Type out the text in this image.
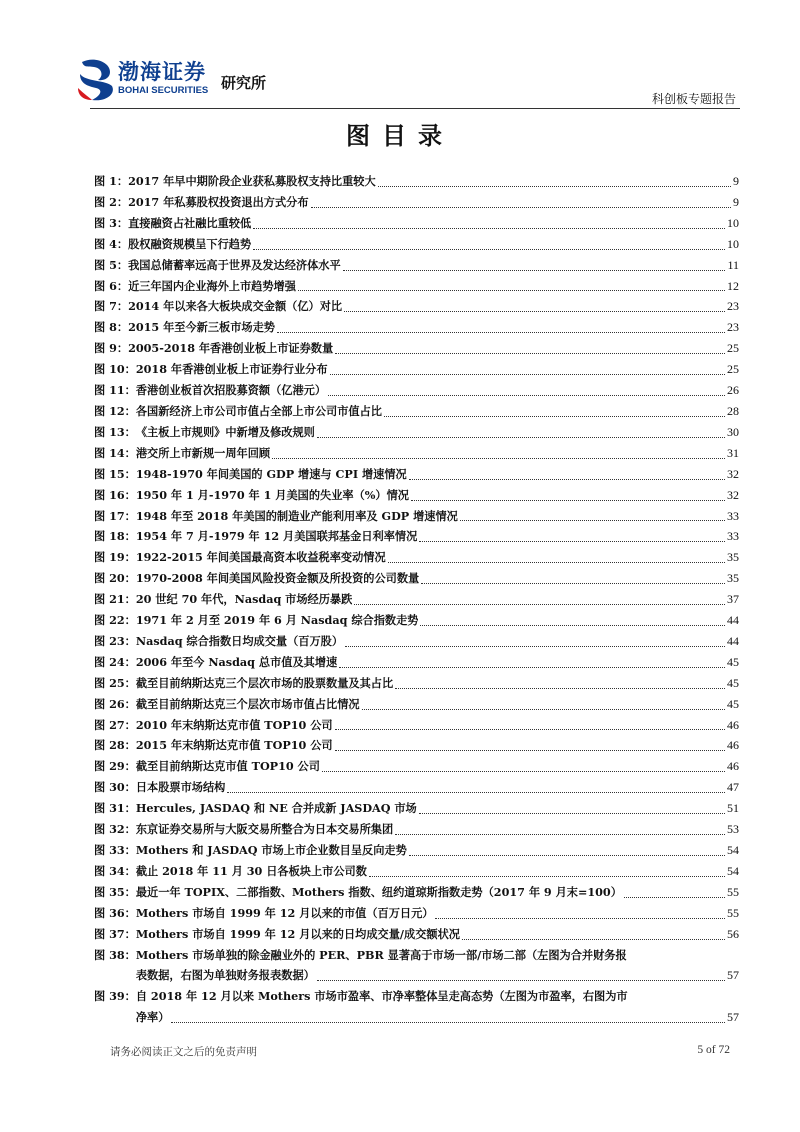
渤海证券
BOHAI SECURITIES 研究所
科创板专题报告
图目录
图 1： 2017 年早中期阶段企业获私募股权支持比重较大	9
图 2： 2017 年私募股权投资退出方式分布	9
图 3： 直接融资占社融比重较低	10
图 4： 股权融资规模呈下行趋势	10
图 5： 我国总储蓄率远高于世界及发达经济体水平	11
图 6： 近三年国内企业海外上市趋势增强	12
图 7： 2014 年以来各大板块成交金额（亿）对比	23
图 8： 2015 年至今新三板市场走势	23
图 9： 2005-2018 年香港创业板上市证券数量	25
图 10： 2018 年香港创业板上市证券行业分布	25
图 11： 香港创业板首次招股募资额（亿港元）	26
图 12： 各国新经济上市公司市值占全部上市公司市值占比	28
图 13： 《主板上市规则》中新增及修改规则	30
图 14： 港交所上市新规一周年回顾	31
图 15： 1948-1970 年间美国的 GDP 增速与 CPI 增速情况	32
图 16： 1950 年 1 月-1970 年 1 月美国的失业率（%）情况	32
图 17： 1948 年至 2018 年美国的制造业产能利用率及 GDP 增速情况	33
图 18： 1954 年 7 月-1979 年 12 月美国联邦基金日利率情况	33
图 19： 1922-2015 年间美国最高资本收益税率变动情况	35
图 20： 1970-2008 年间美国风险投资金额及所投资的公司数量	35
图 21： 20 世纪 70 年代，Nasdaq 市场经历暴跌	37
图 22： 1971 年 2 月至 2019 年 6 月 Nasdaq 综合指数走势	44
图 23： Nasdaq 综合指数日均成交量（百万股）	44
图 24： 2006 年至今 Nasdaq 总市值及其增速	45
图 25： 截至目前纳斯达克三个层次市场的股票数量及其占比	45
图 26： 截至目前纳斯达克三个层次市场市值占比情况	45
图 27： 2010 年末纳斯达克市值 TOP10 公司	46
图 28： 2015 年末纳斯达克市值 TOP10 公司	46
图 29： 截至目前纳斯达克市值 TOP10 公司	46
图 30： 日本股票市场结构	47
图 31： Hercules, JASDAQ 和 NE 合并成新 JASDAQ 市场	51
图 32： 东京证券交易所与大阪交易所整合为日本交易所集团	53
图 33： Mothers 和 JASDAQ 市场上市企业数目呈反向走势	54
图 34： 截止 2018 年 11 月 30 日各板块上市公司数	54
图 35： 最近一年 TOPIX、二部指数、Mothers 指数、纽约道琼斯指数走势（2017 年 9 月末=100）	55
图 36： Mothers 市场自 1999 年 12 月以来的市值（百万日元）	55
图 37： Mothers 市场自 1999 年 12 月以来的日均成交量/成交额状况	56
图 38： Mothers 市场单独的除金融业外的 PER、PBR 显著高于市场一部/市场二部（左图为合并财务报
表数据，右图为单独财务报表数据）	57
图 39： 自 2018 年 12 月以来 Mothers 市场市盈率、市净率整体呈走高态势（左图为市盈率，右图为市
净率）	57
请务必阅读正文之后的免责声明	5 of 72
